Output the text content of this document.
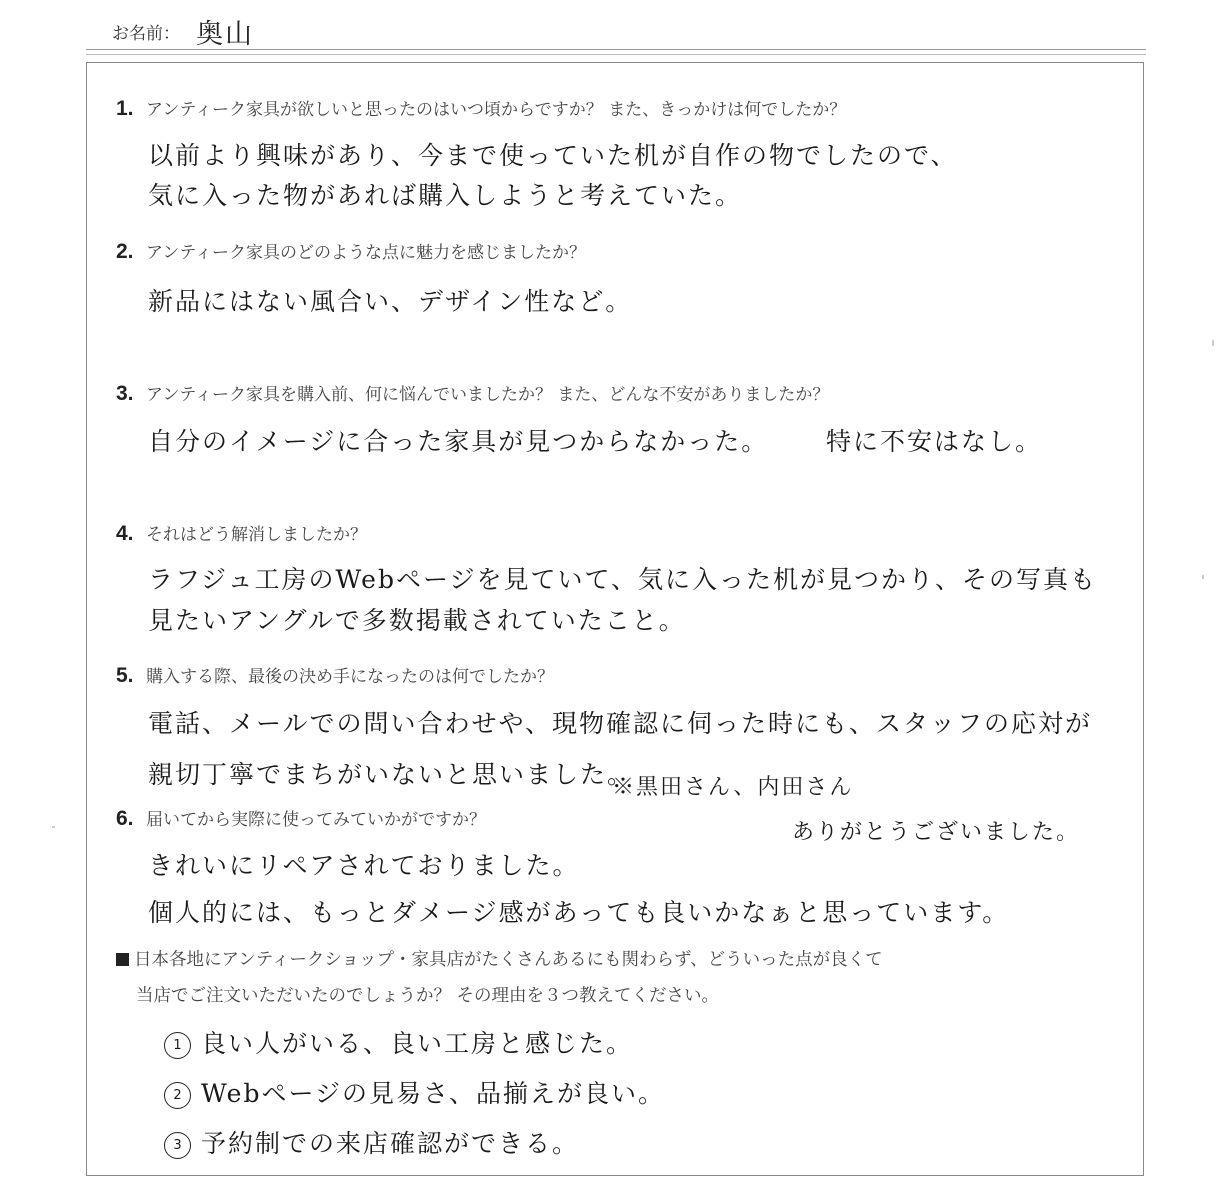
お名前： 奥山
1. アンティーク家具が欲しいと思ったのはいつ頃からですか？ また、きっかけは何でしたか？
以前より興味があり、今まで使っていた机が自作の物でしたので、
気に入った物があれば購入しようと考えていた。
2. アンティーク家具のどのような点に魅力を感じましたか？
新品にはない風合い、デザイン性など。
3. アンティーク家具を購入前、何に悩んでいましたか？ また、どんな不安がありましたか？
自分のイメージに合った家具が見つからなかった。 特に不安はなし。
4. それはどう解消しましたか？
ラフジュ工房のWebページを見ていて、気に入った机が見つかり、その写真も
見たいアングルで多数掲載されていたこと。
5. 購入する際、最後の決め手になったのは何でしたか？
電話、メールでの問い合わせや、現物確認に伺った時にも、スタッフの応対が
親切丁寧でまちがいないと思いました。
※黒田さん、内田さん
ありがとうございました。
6. 届いてから実際に使ってみていかがですか？
きれいにリペアされておりました。
個人的には、もっとダメージ感があっても良いかなぁと思っています。
日本各地にアンティークショップ・家具店がたくさんあるにも関わらず、どういった点が良くて
当店でご注文いただいたのでしょうか？ その理由を３つ教えてください。
1 良い人がいる、良い工房と感じた。
2 Webページの見易さ、品揃えが良い。
3 予約制での来店確認ができる。
